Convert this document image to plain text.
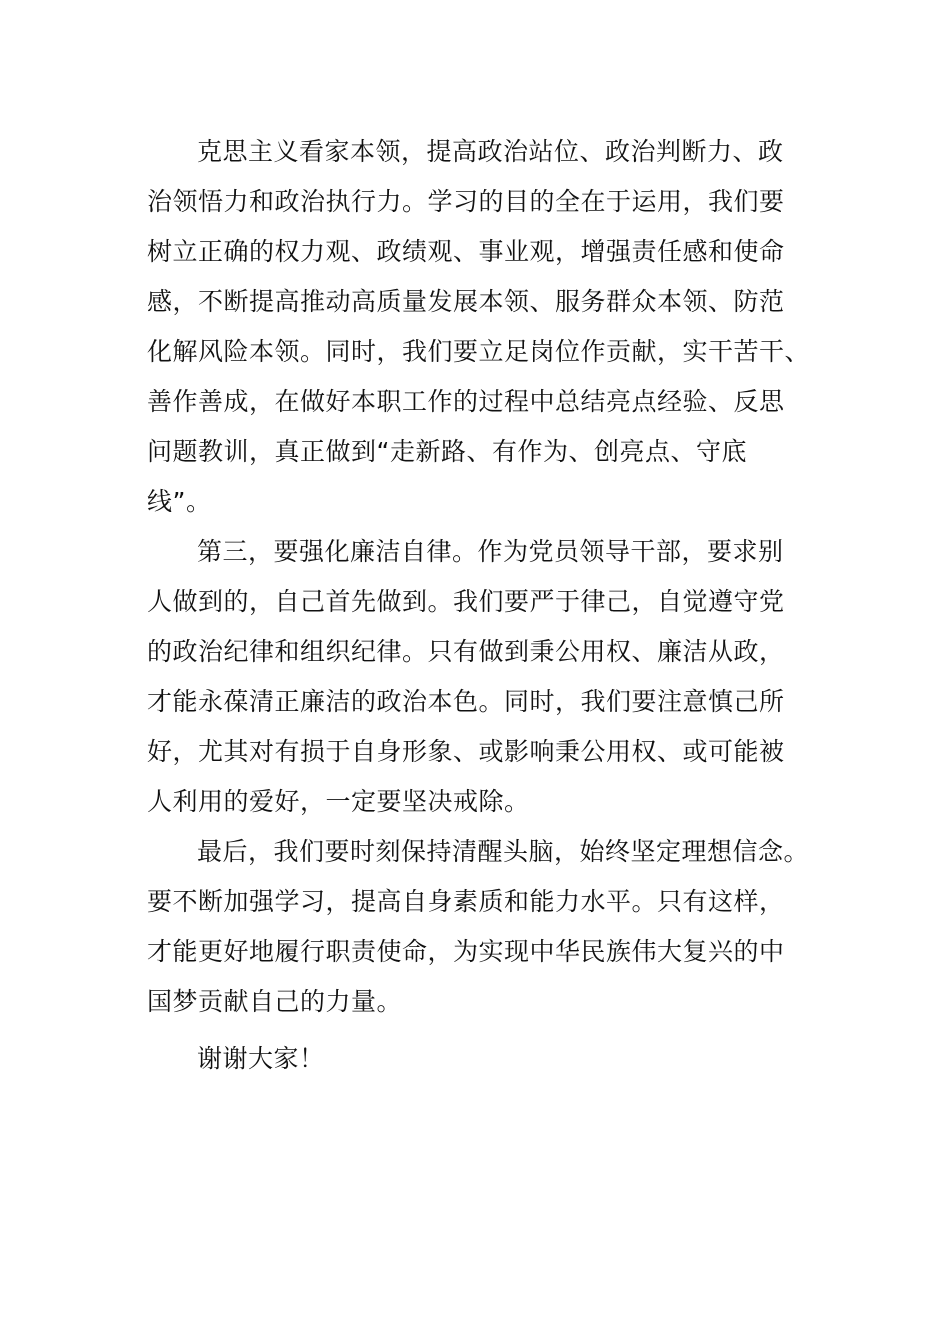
克思主义看家本领，提高政治站位、政治判断力、政
治领悟力和政治执行力。学习的目的全在于运用，我们要
树立正确的权力观、政绩观、事业观，增强责任感和使命
感，不断提高推动高质量发展本领、服务群众本领、防范
化解风险本领。同时，我们要立足岗位作贡献，实干苦干、
善作善成，在做好本职工作的过程中总结亮点经验、反思
问题教训，真正做到“走新路、有作为、创亮点、守底
线”。
第三，要强化廉洁自律。作为党员领导干部，要求别
人做到的，自己首先做到。我们要严于律己，自觉遵守党
的政治纪律和组织纪律。只有做到秉公用权、廉洁从政，
才能永葆清正廉洁的政治本色。同时，我们要注意慎己所
好，尤其对有损于自身形象、或影响秉公用权、或可能被
人利用的爱好，一定要坚决戒除。
最后，我们要时刻保持清醒头脑，始终坚定理想信念。
要不断加强学习，提高自身素质和能力水平。只有这样，
才能更好地履行职责使命，为实现中华民族伟大复兴的中
国梦贡献自己的力量。
谢谢大家！
